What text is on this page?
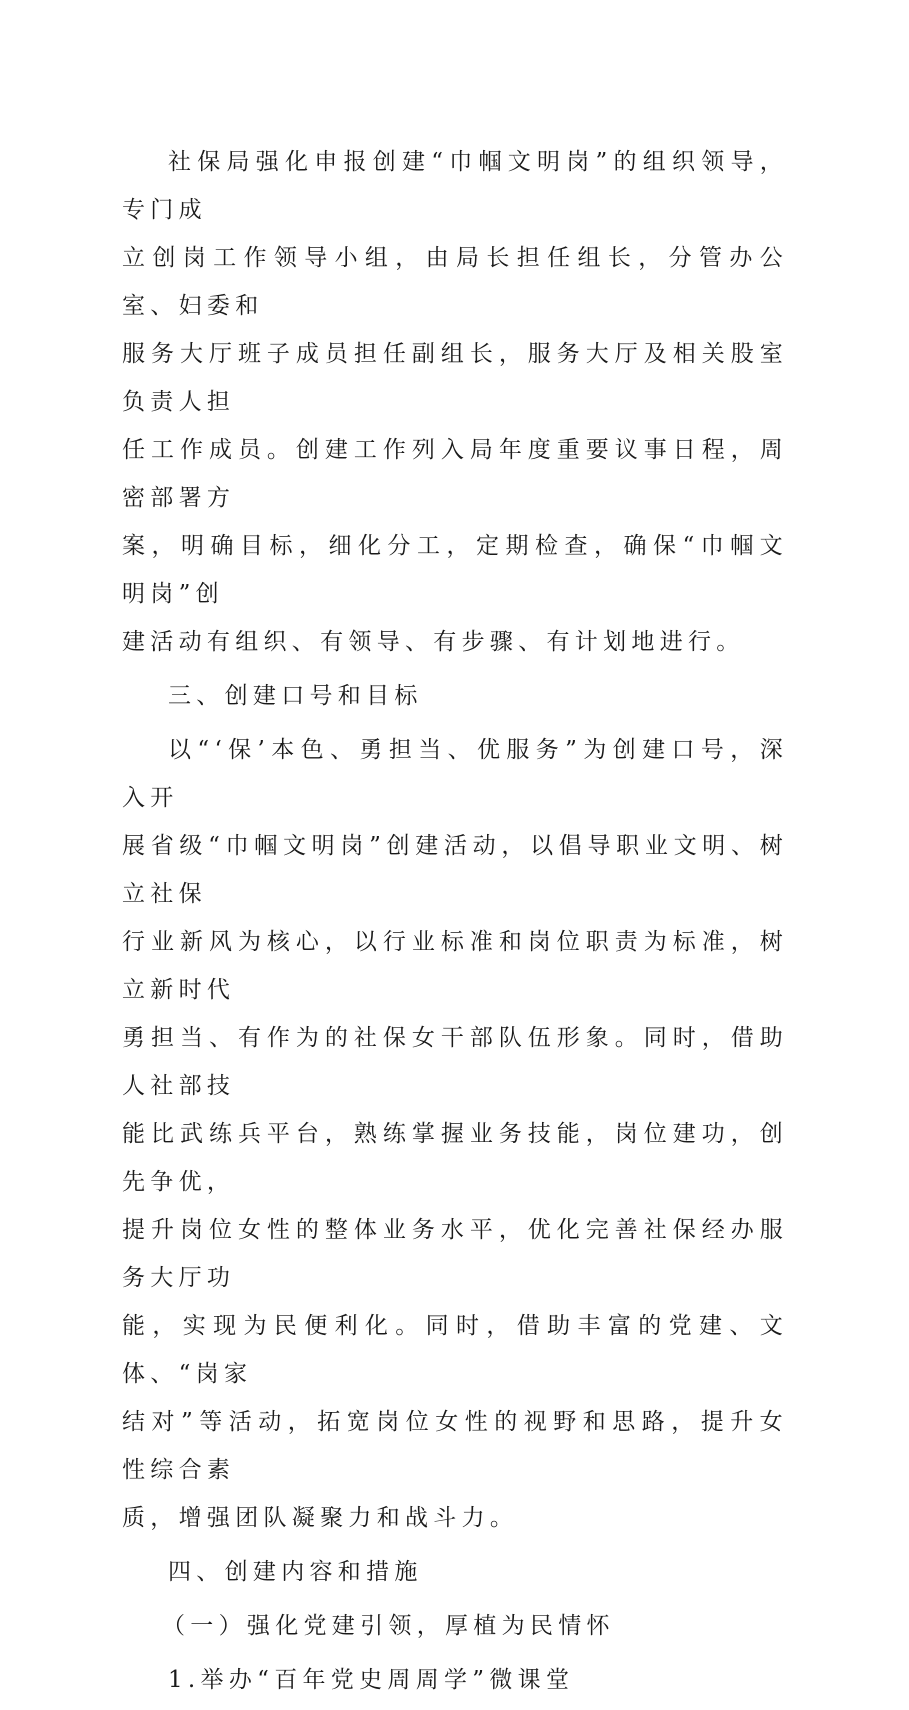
社保局强化申报创建“巾帼文明岗”的组织领导，专门成
立创岗工作领导小组，由局长担任组长，分管办公室、妇委和
服务大厅班子成员担任副组长，服务大厅及相关股室负责人担
任工作成员。创建工作列入局年度重要议事日程，周密部署方
案，明确目标，细化分工，定期检查，确保“巾帼文明岗”创
建活动有组织、有领导、有步骤、有计划地进行。

三、创建口号和目标

以“‘保’本色、勇担当、优服务”为创建口号，深入开
展省级“巾帼文明岗”创建活动，以倡导职业文明、树立社保
行业新风为核心，以行业标准和岗位职责为标准，树立新时代
勇担当、有作为的社保女干部队伍形象。同时，借助人社部技
能比武练兵平台，熟练掌握业务技能，岗位建功，创先争优，
提升岗位女性的整体业务水平，优化完善社保经办服务大厅功
能，实现为民便利化。同时，借助丰富的党建、文体、“岗家
结对”等活动，拓宽岗位女性的视野和思路，提升女性综合素
质，增强团队凝聚力和战斗力。

四、创建内容和措施

（一）强化党建引领，厚植为民情怀

1.举办“百年党史周周学”微课堂
